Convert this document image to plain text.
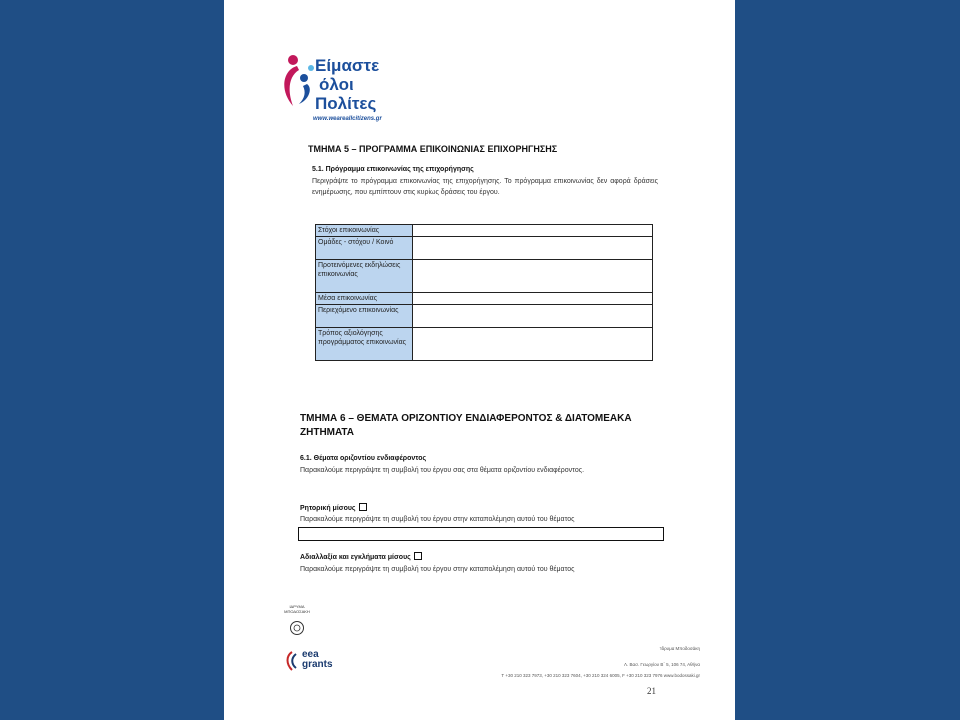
Είμαστε
όλοι
Πολίτες
www.weareallcitizens.gr
ΤΜΗΜΑ 5 – ΠΡΟΓΡΑΜΜΑ ΕΠΙΚΟΙΝΩΝΙΑΣ ΕΠΙΧΟΡΗΓΗΣΗΣ
5.1. Πρόγραμμα επικοινωνίας της επιχορήγησης
Περιγράψτε το πρόγραμμα επικοινωνίας της επιχορήγησης. Το πρόγραμμα επικοινωνίας δεν αφορά δράσεις ενημέρωσης, που εμπίπτουν στις κυρίως δράσεις του έργου.
Στόχοι επικοινωνίας	
Ομάδες - στόχου / Κοινό	
Προτεινόμενες εκδηλώσεις επικοινωνίας	
Μέσα επικοινωνίας	
Περιεχόμενο επικοινωνίας	
Τρόπος αξιολόγησης προγράμματος επικοινωνίας	
ΤΜΗΜΑ 6 – ΘΕΜΑΤΑ ΟΡΙΖΟΝΤΙΟΥ ΕΝΔΙΑΦΕΡΟΝΤΟΣ & ΔΙΑΤΟΜΕΑΚΑ ΖΗΤΗΜΑΤΑ
6.1. Θέματα οριζοντίου ενδιαφέροντος
Παρακαλούμε περιγράψτε τη συμβολή του έργου σας στα θέματα οριζοντίου ενδιαφέροντος.
Ρητορική μίσους
Παρακαλούμε περιγράψτε τη συμβολή του έργου στην καταπολέμηση αυτού του θέματος
Αδιαλλαξία και εγκλήματα μίσους
Παρακαλούμε περιγράψτε τη συμβολή του έργου στην καταπολέμηση αυτού του θέματος
ΙΔΡΥΜΑ ΜΠΟΔΟΣΑΚΗ
eea
grants
Ίδρυμα Μποδοσάκη
Λ. Βασ. Γεωργίου Β΄ 5, 106 74, Αθήνα
T +30 210 323 7973, +30 210 323 7604, +30 210 324 6005, F +30 210 323 7976 www.bodossaki.gr
21
